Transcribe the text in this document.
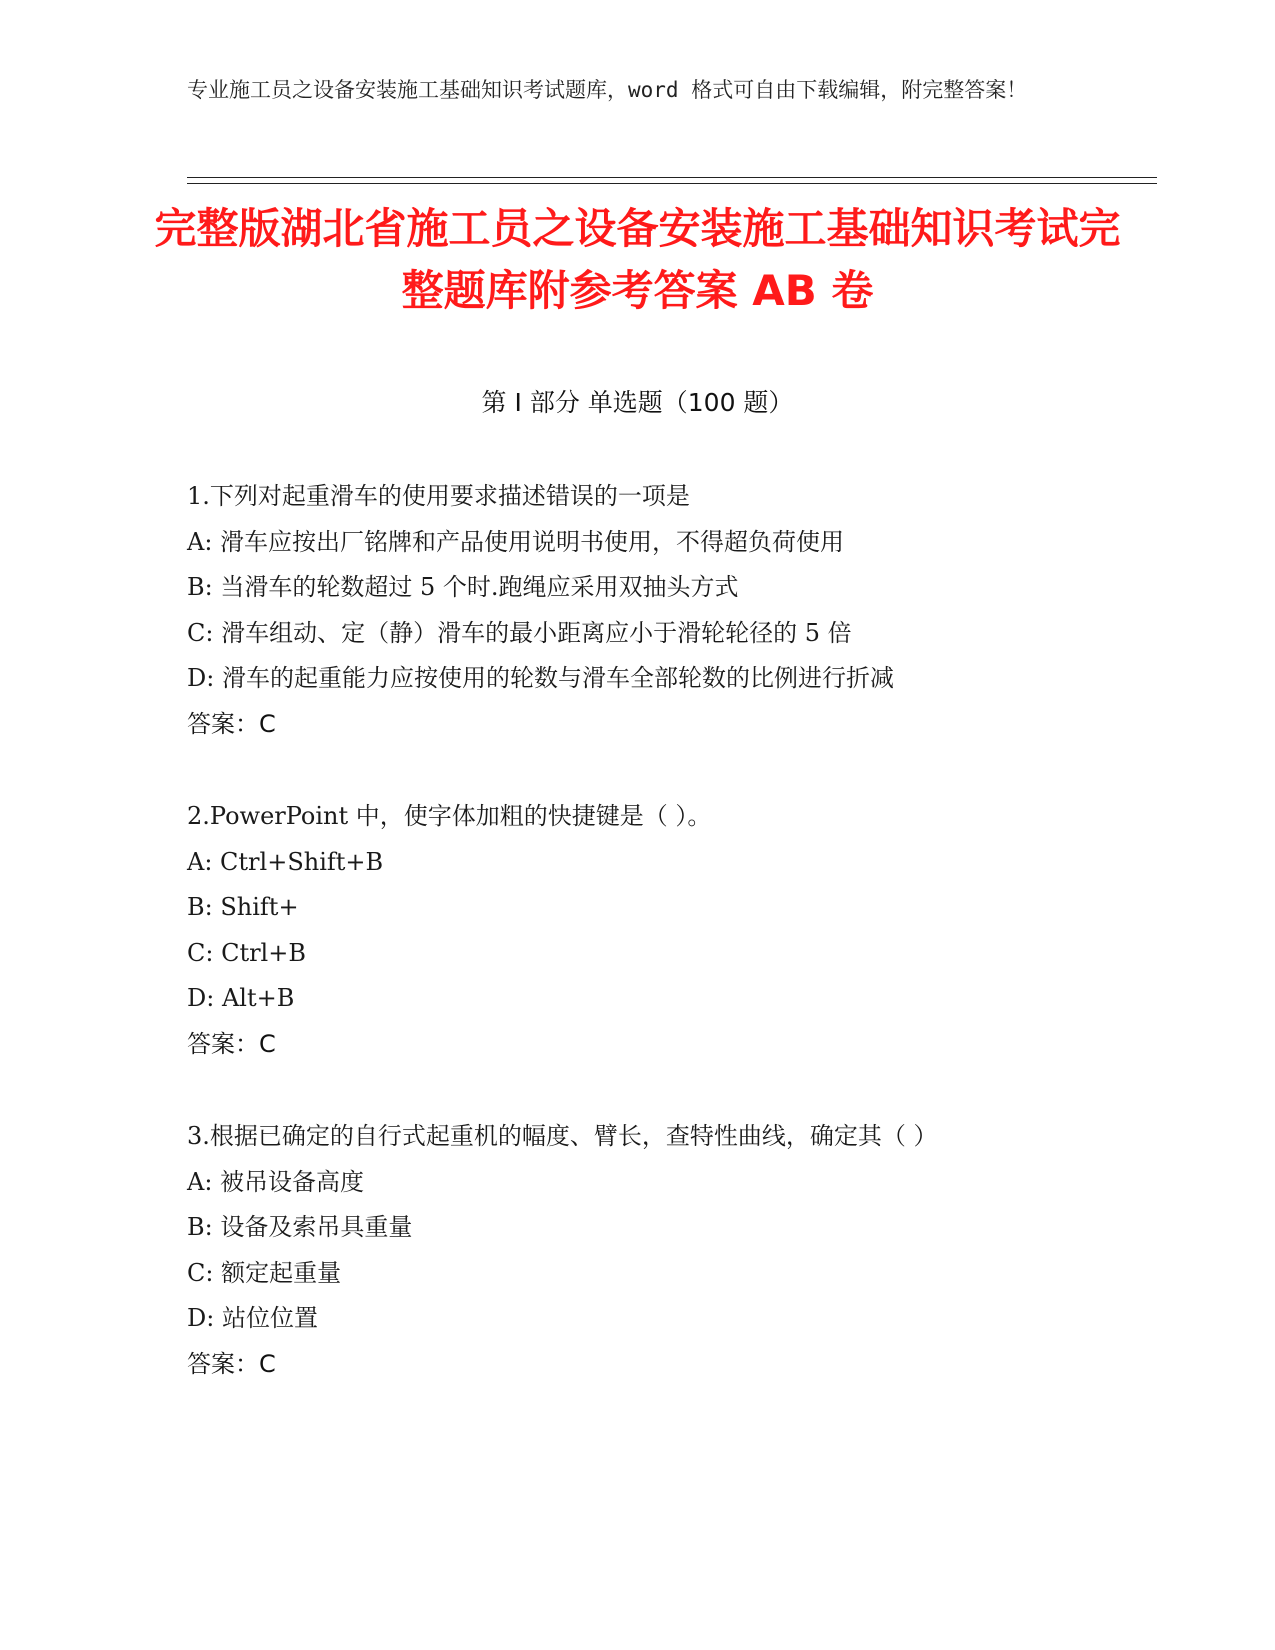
专业施工员之设备安装施工基础知识考试题库，word 格式可自由下载编辑，附完整答案！
完整版湖北省施工员之设备安装施工基础知识考试完整题库附参考答案 AB 卷
第 I 部分 单选题（100 题）
1.下列对起重滑车的使用要求描述错误的一项是
A: 滑车应按出厂铭牌和产品使用说明书使用，不得超负荷使用
B: 当滑车的轮数超过 5 个时.跑绳应采用双抽头方式
C: 滑车组动、定（静）滑车的最小距离应小于滑轮轮径的 5 倍
D: 滑车的起重能力应按使用的轮数与滑车全部轮数的比例进行折减
答案：C
2.PowerPoint 中，使字体加粗的快捷键是（ ）。
A: Ctrl+Shift+B
B: Shift+
C: Ctrl+B
D: Alt+B
答案：C
3.根据已确定的自行式起重机的幅度、臂长，查特性曲线，确定其（ ）
A: 被吊设备高度
B: 设备及索吊具重量
C: 额定起重量
D: 站位位置
答案：C
